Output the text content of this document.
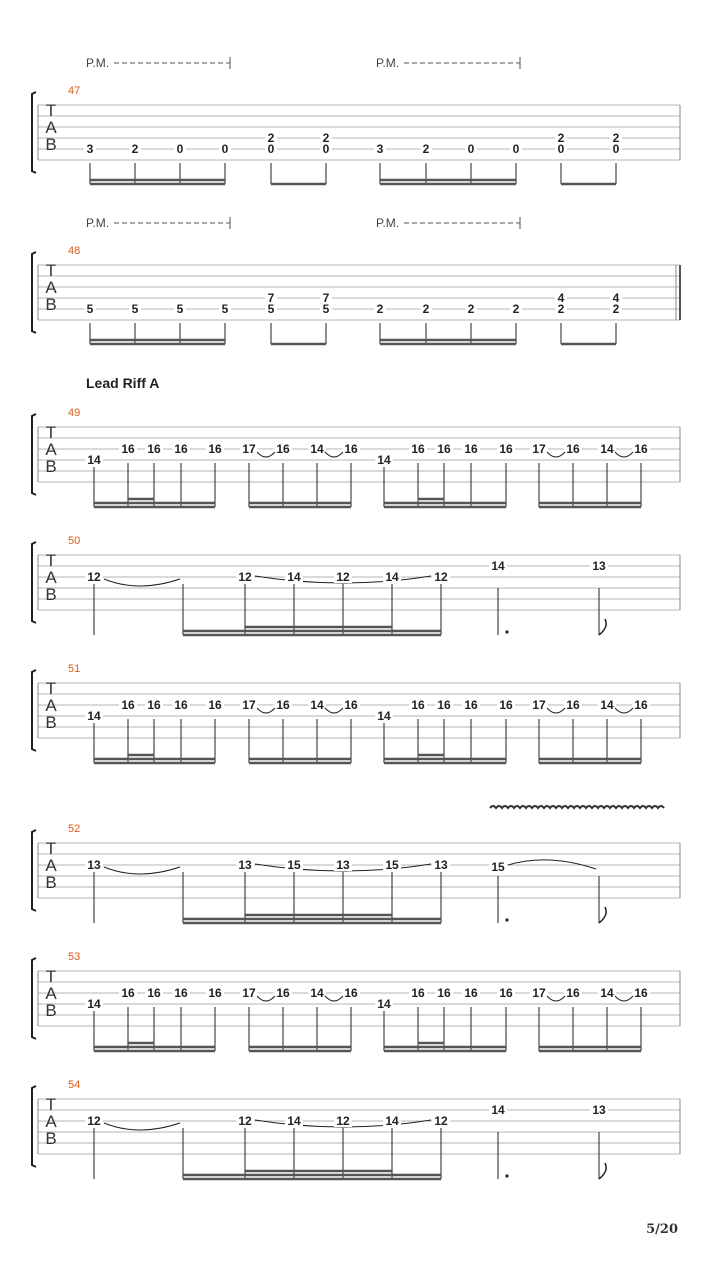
Lead Riff A
P.M.	P.M.
P.M.	P.M.
T
A
B
47
3	2	0	0
2
0
2
0	3	2	0	0
2
0
2
0
T
A
B
48
5	5	5	5
7
5
7
5	2	2	2	2
4
2
4
2
T
A
B
49
14
16 16 16 16 17 16 14 16
14
16 16 16 16 17 16 14 16
T
A
B
50
12	12	14	12	14	12
14	13
T
A
B
51
14
16 16 16 16 17 16 14 16
14
16 16 16 16 17 16 14 16
T
A
B
52
13	13	15	13	15	13	15
T
A
B
53
14
16 16 16 16 17 16 14 16
14
16 16 16 16 17 16 14 16
T
A
B
54
12	12	14	12	14	12
14	13
5/20
